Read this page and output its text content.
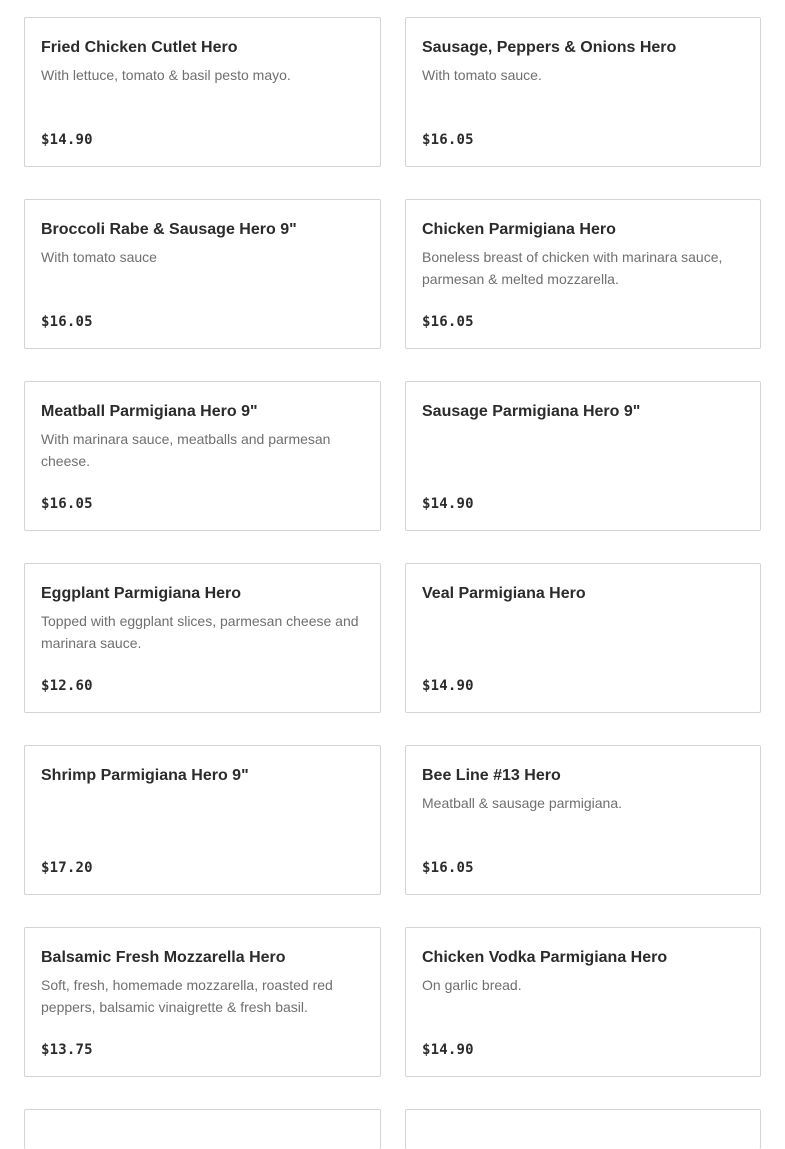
Fried Chicken Cutlet Hero
With lettuce, tomato & basil pesto mayo.
$14.90
Sausage, Peppers & Onions Hero
With tomato sauce.
$16.05
Broccoli Rabe & Sausage Hero 9"
With tomato sauce
$16.05
Chicken Parmigiana Hero
Boneless breast of chicken with marinara sauce, parmesan & melted mozzarella.
$16.05
Meatball Parmigiana Hero 9"
With marinara sauce, meatballs and parmesan cheese.
$16.05
Sausage Parmigiana Hero 9"
$14.90
Eggplant Parmigiana Hero
Topped with eggplant slices, parmesan cheese and marinara sauce.
$12.60
Veal Parmigiana Hero
$14.90
Shrimp Parmigiana Hero 9"
$17.20
Bee Line #13 Hero
Meatball & sausage parmigiana.
$16.05
Balsamic Fresh Mozzarella Hero
Soft, fresh, homemade mozzarella, roasted red peppers, balsamic vinaigrette & fresh basil.
$13.75
Chicken Vodka Parmigiana Hero
On garlic bread.
$14.90
